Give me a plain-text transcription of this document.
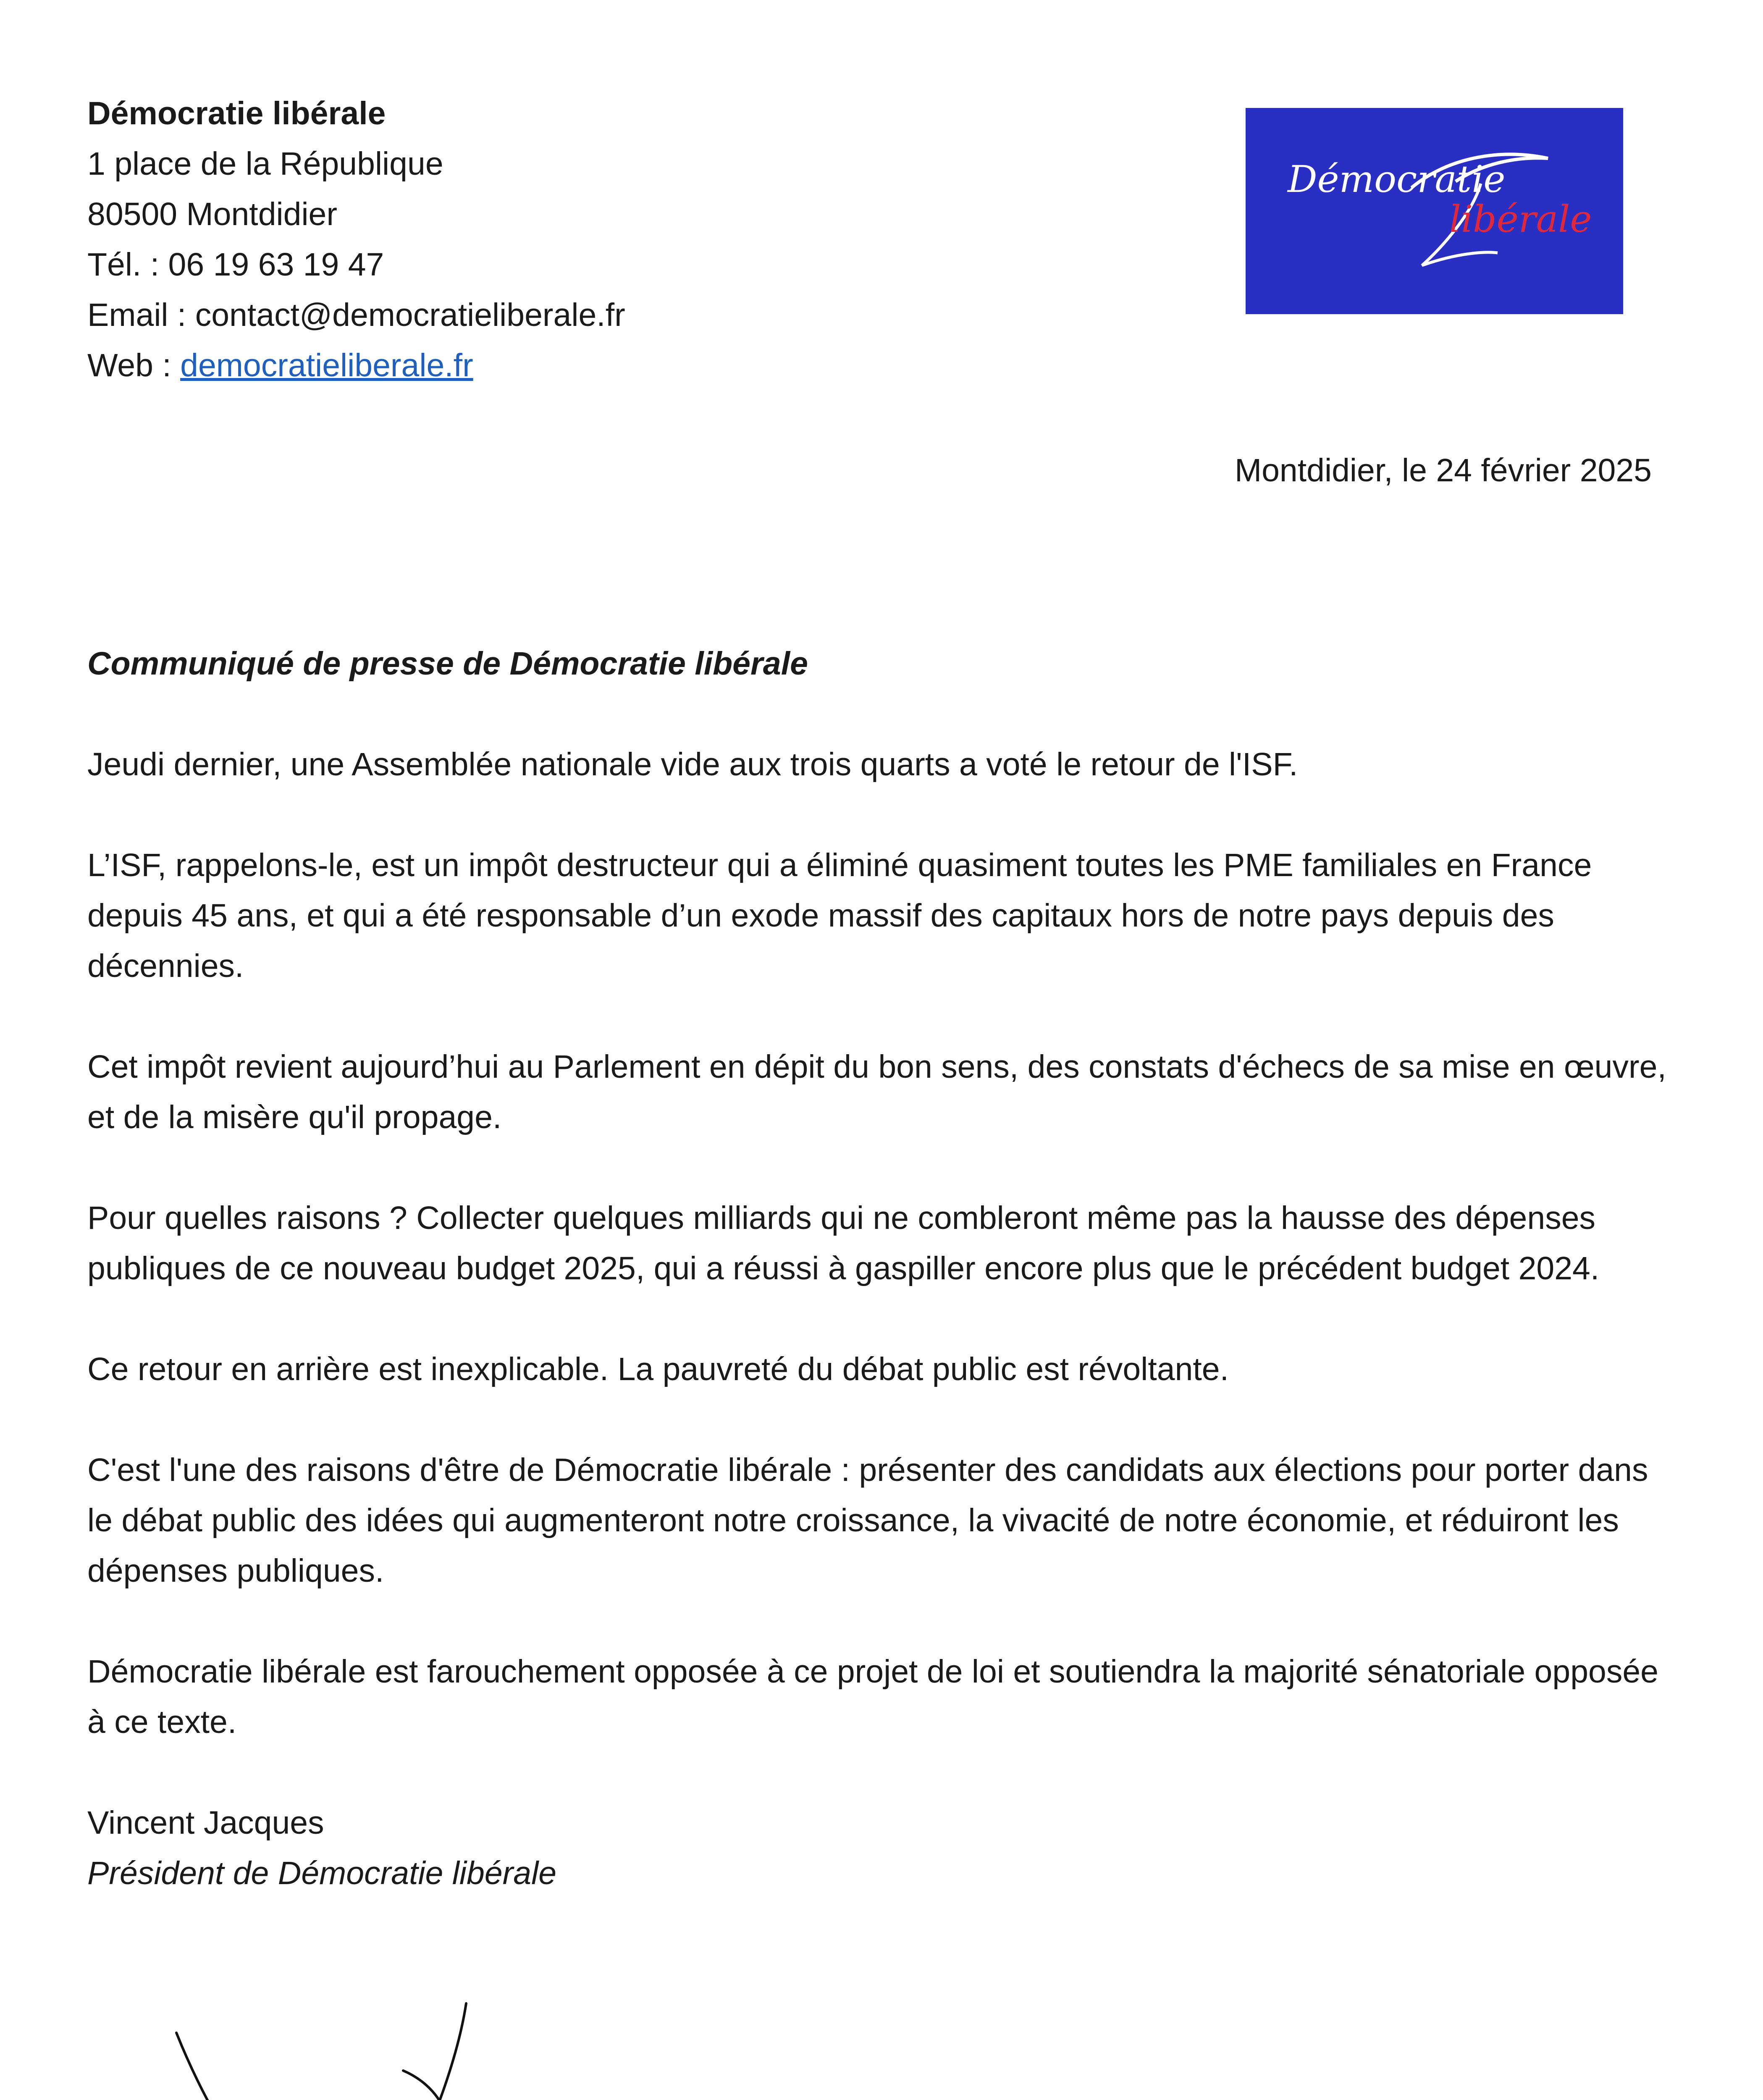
Démocratie libérale
1 place de la République
80500 Montdidier
Tél. : 06 19 63 19 47
Email : contact@democratieliberale.fr
Web : democratieliberale.fr
Démocratie
libérale
Montdidier, le 24 février 2025

Communiqué de presse de Démocratie libérale

Jeudi dernier, une Assemblée nationale vide aux trois quarts a voté le retour de l'ISF.

L’ISF, rappelons-le, est un impôt destructeur qui a éliminé quasiment toutes les PME familiales en France depuis 45 ans, et qui a été responsable d’un exode massif des capitaux hors de notre pays depuis des décennies.

Cet impôt revient aujourd’hui au Parlement en dépit du bon sens, des constats d'échecs de sa mise en œuvre, et de la misère qu'il propage.

Pour quelles raisons ? Collecter quelques milliards qui ne combleront même pas la hausse des dépenses publiques de ce nouveau budget 2025, qui a réussi à gaspiller encore plus que le précédent budget 2024.

Ce retour en arrière est inexplicable. La pauvreté du débat public est révoltante.

C'est l'une des raisons d'être de Démocratie libérale : présenter des candidats aux élections pour porter dans le débat public des idées qui augmenteront notre croissance, la vivacité de notre économie, et réduiront les dépenses publiques.

Démocratie libérale est farouchement opposée à ce projet de loi et soutiendra la majorité sénatoriale opposée à ce texte.

Vincent Jacques
Président de Démocratie libérale
